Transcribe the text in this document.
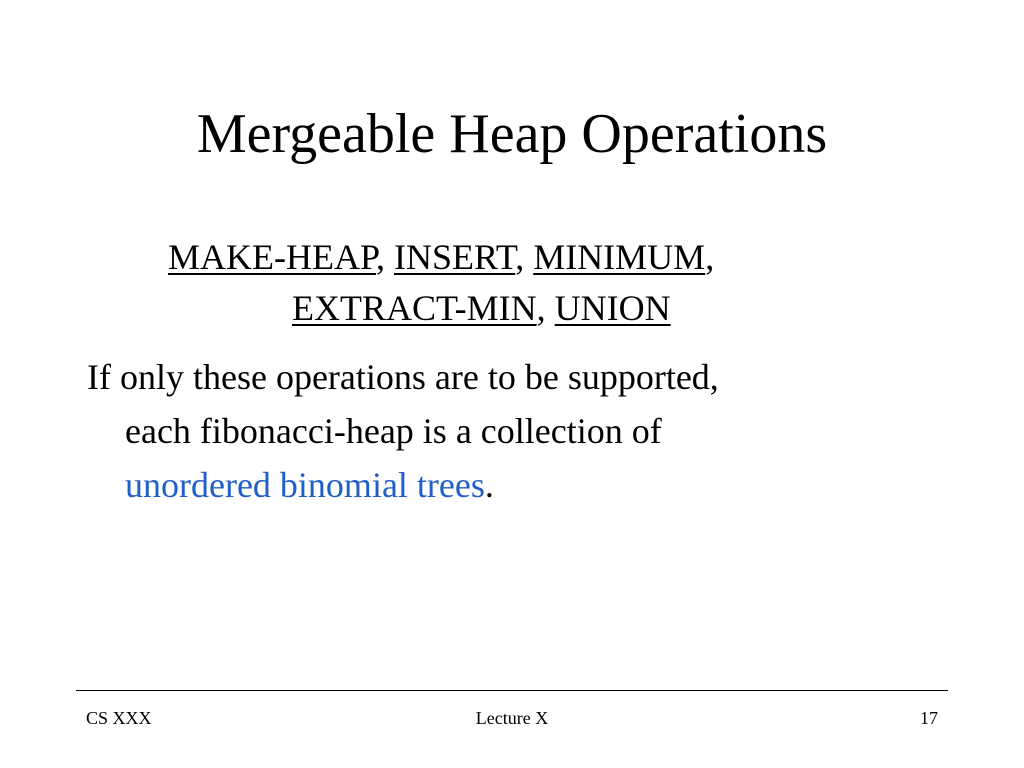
Mergeable Heap Operations
MAKE-HEAP, INSERT, MINIMUM,
EXTRACT-MIN, UNION
If only these operations are to be supported,
each fibonacci-heap is a collection of
unordered binomial trees.
CS XXX	Lecture X	17
